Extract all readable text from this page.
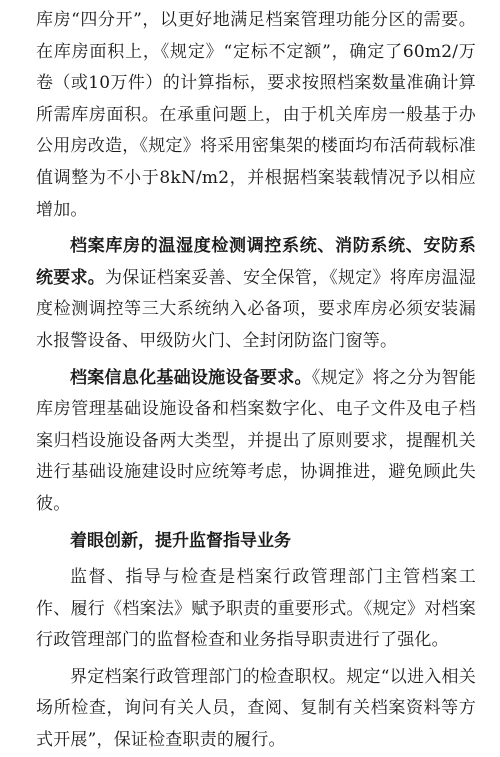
库房“四分开”，以更好地满足档案管理功能分区的需要。在库房面积上，《规定》“定标不定额”，确定了60m2/万卷（或10万件）的计算指标，要求按照档案数量准确计算所需库房面积。在承重问题上，由于机关库房一般基于办公用房改造，《规定》将采用密集架的楼面均布活荷载标准值调整为不小于8kN/m2，并根据档案装载情况予以相应增加。

档案库房的温湿度检测调控系统、消防系统、安防系统要求。为保证档案妥善、安全保管，《规定》将库房温湿度检测调控等三大系统纳入必备项，要求库房必须安装漏水报警设备、甲级防火门、全封闭防盗门窗等。

档案信息化基础设施设备要求。《规定》将之分为智能库房管理基础设施设备和档案数字化、电子文件及电子档案归档设施设备两大类型，并提出了原则要求，提醒机关进行基础设施建设时应统筹考虑，协调推进，避免顾此失彼。

着眼创新，提升监督指导业务

监督、指导与检查是档案行政管理部门主管档案工作、履行《档案法》赋予职责的重要形式。《规定》对档案行政管理部门的监督检查和业务指导职责进行了强化。

界定档案行政管理部门的检查职权。规定“以进入相关场所检查，询问有关人员，查阅、复制有关档案资料等方式开展”，保证检查职责的履行。
